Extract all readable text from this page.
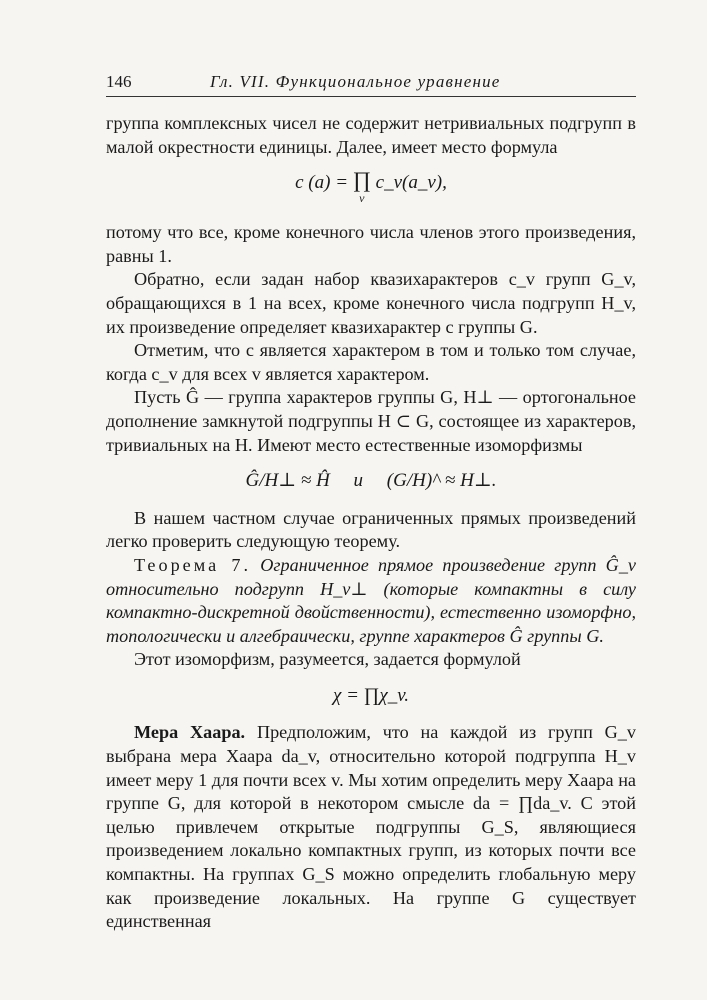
146	Гл. VII. Функциональное уравнение

группа комплексных чисел не содержит нетривиальных подгрупп в малой окрестности единицы. Далее, имеет место формула

c (a) = ∏
v
c_v(a_v),

потому что все, кроме конечного числа членов этого произведения, равны 1.

Обратно, если задан набор квазихарактеров c_v групп G_v, обращающихся в 1 на всех, кроме конечного числа подгрупп H_v, их произведение определяет квазихарактер c группы G.

Отметим, что c является характером в том и только том случае, когда c_v для всех v является характером.

Пусть Ĝ — группа характеров группы G, H⊥ — ортогональное дополнение замкнутой подгруппы H ⊂ G, состоящее из характеров, тривиальных на H. Имеют место естественные изоморфизмы

Ĝ/H⊥ ≈ Ĥ     и     (G/H)^ ≈ H⊥.

В нашем частном случае ограниченных прямых произведений легко проверить следующую теорему.

Теорема 7. Ограниченное прямое произведение групп Ĝ_v относительно подгрупп H_v⊥ (которые компактны в силу компактно-дискретной двойственности), естественно изоморфно, топологически и алгебраически, группе характеров Ĝ группы G.

Этот изоморфизм, разумеется, задается формулой

χ = ∏χ_v.

Мера Хаара. Предположим, что на каждой из групп G_v выбрана мера Хаара da_v, относительно которой подгруппа H_v имеет меру 1 для почти всех v. Мы хотим определить меру Хаара на группе G, для которой в некотором смысле da = ∏da_v. С этой целью привлечем открытые подгруппы G_S, являющиеся произведением локально компактных групп, из которых почти все компактны. На группах G_S можно определить глобальную меру как произведение локальных. На группе G существует единственная
